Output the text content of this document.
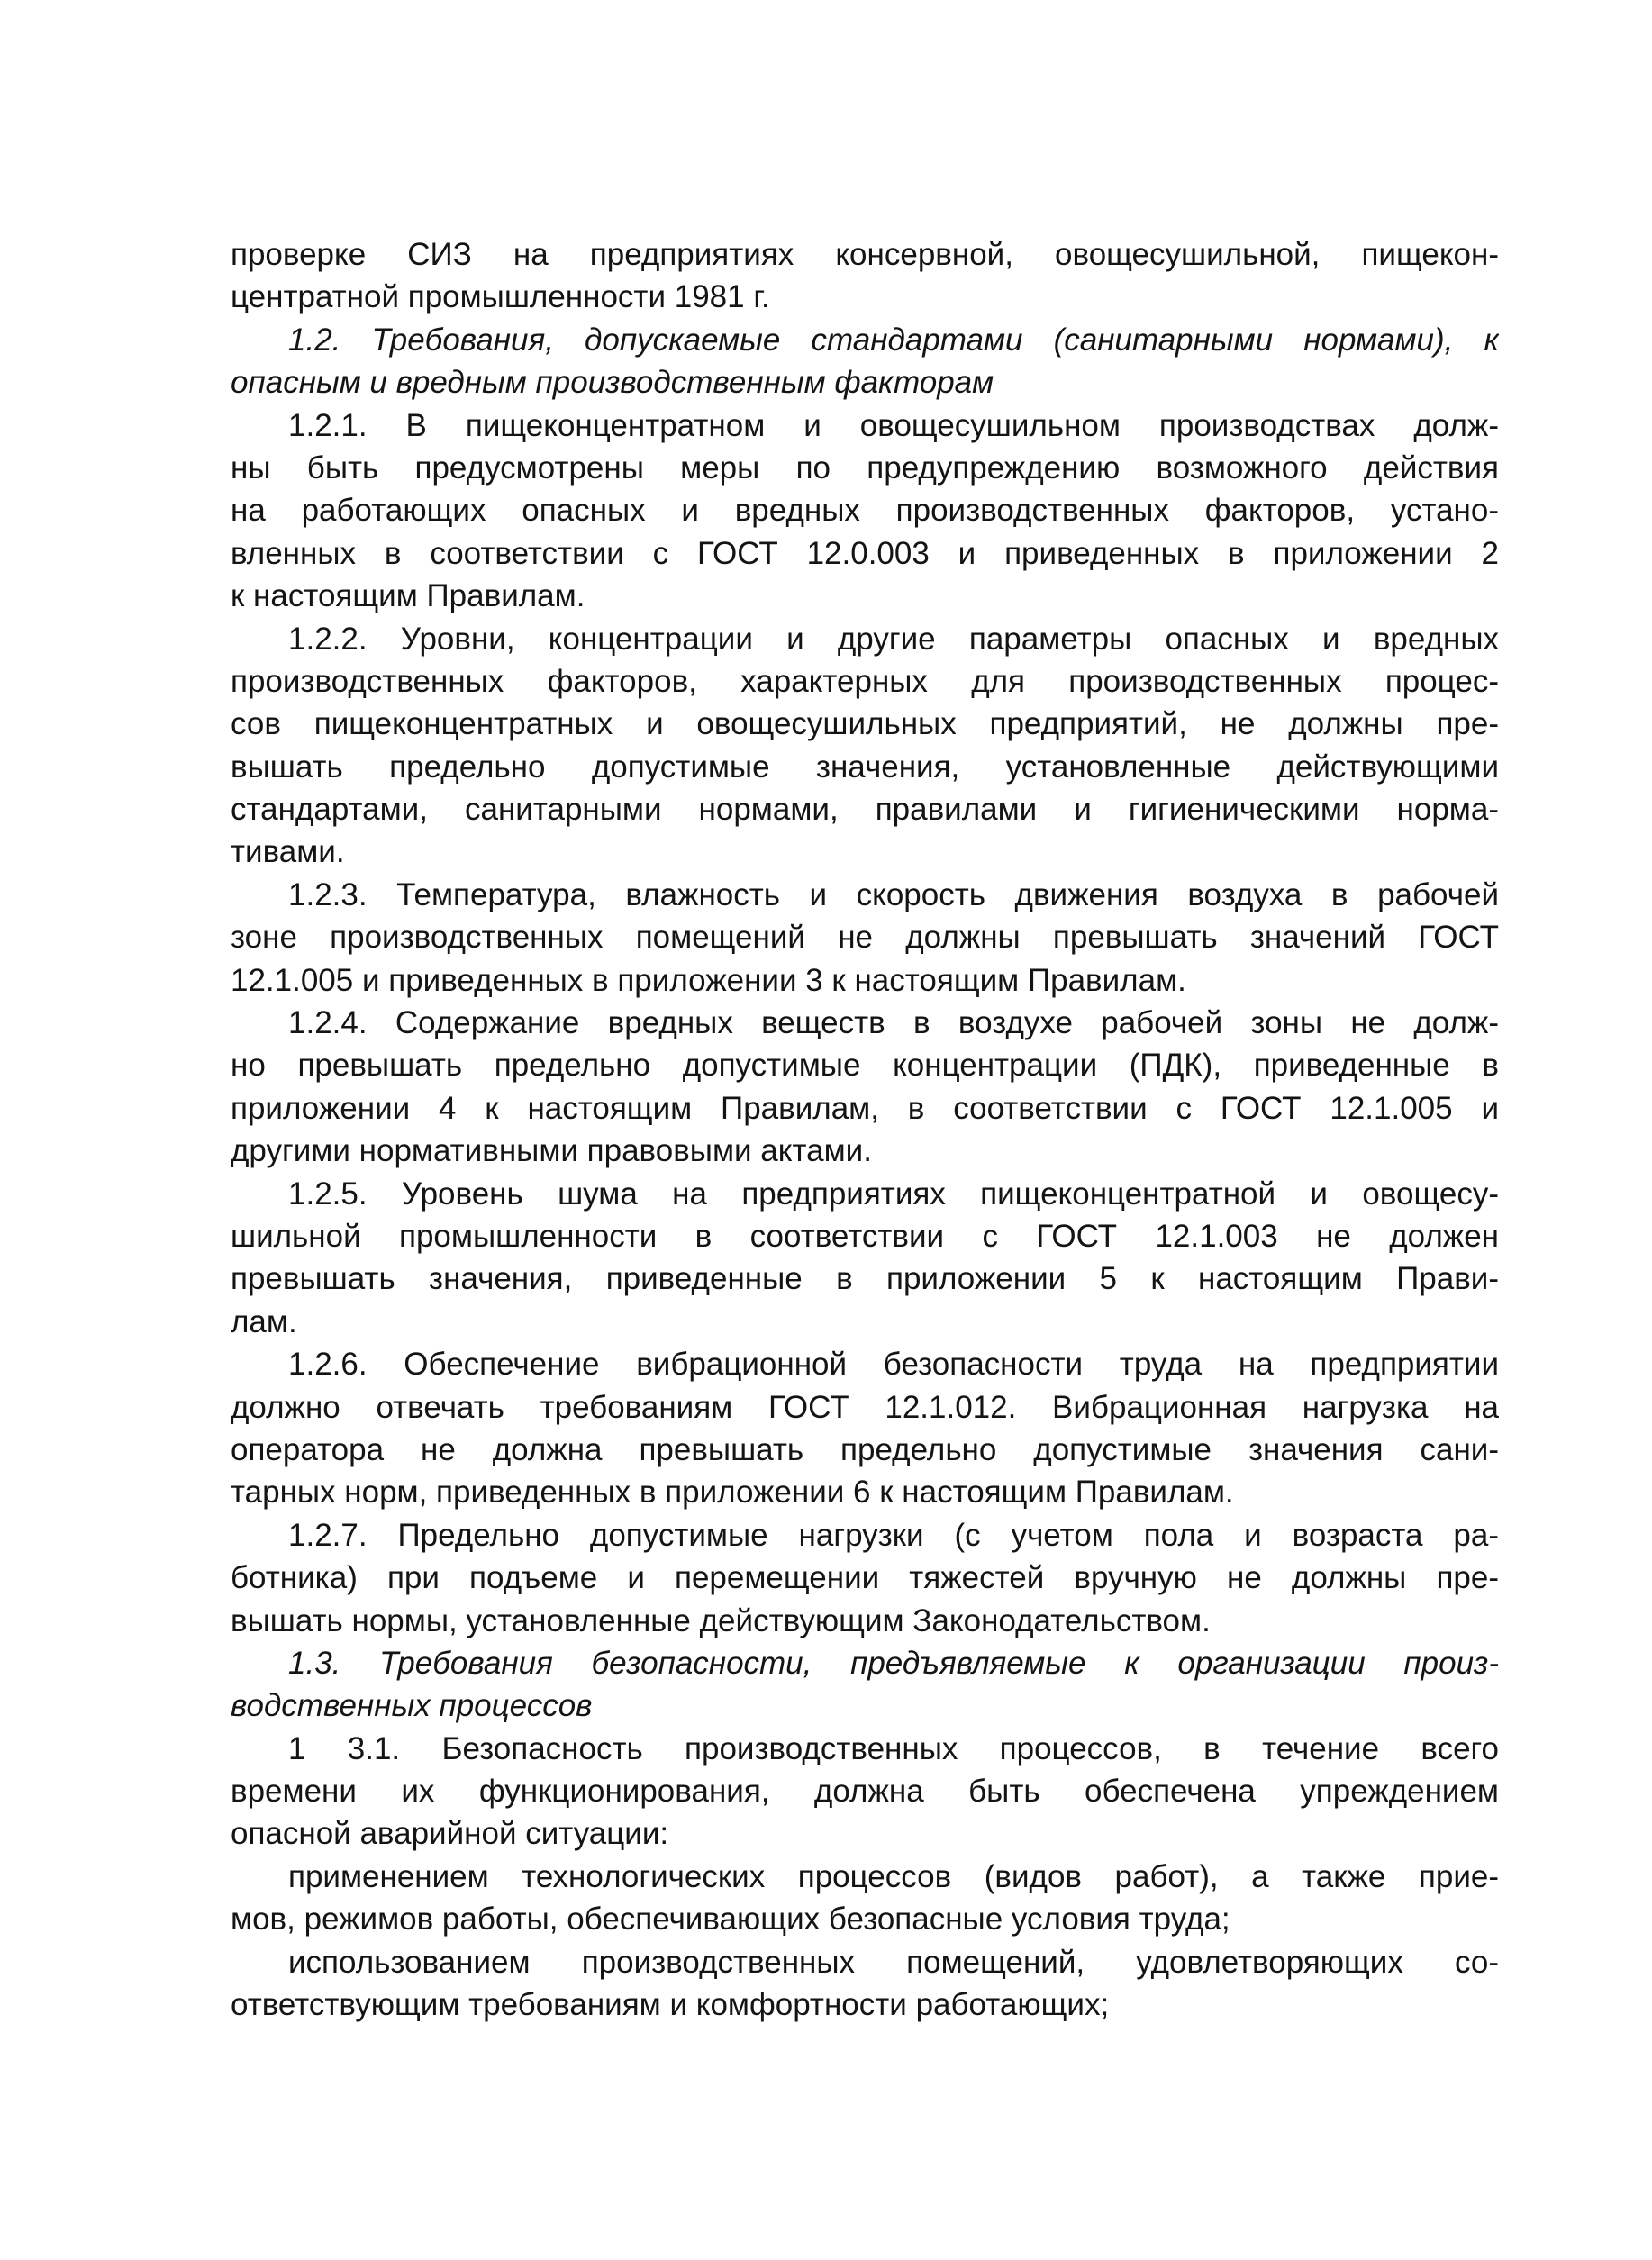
проверке СИЗ на предприятиях консервной, овощесушильной, пищекон-
центратной промышленности 1981 г.
1.2. Требования, допускаемые стандартами (санитарными нормами), к
опасным и вредным производственным факторам
1.2.1. В пищеконцентратном и овощесушильном производствах долж-
ны быть предусмотрены меры по предупреждению возможного действия
на работающих опасных и вредных производственных факторов, устано-
вленных в соответствии с ГОСТ 12.0.003 и приведенных в приложении 2
к настоящим Правилам.
1.2.2. Уровни, концентрации и другие параметры опасных и вредных
производственных факторов, характерных для производственных процес-
сов пищеконцентратных и овощесушильных предприятий, не должны пре-
вышать предельно допустимые значения, установленные действующими
стандартами, санитарными нормами, правилами и гигиеническими норма-
тивами.
1.2.3. Температура, влажность и скорость движения воздуха в рабочей
зоне производственных помещений не должны превышать значений ГОСТ
12.1.005 и приведенных в приложении 3 к настоящим Правилам.
1.2.4. Содержание вредных веществ в воздухе рабочей зоны не долж-
но превышать предельно допустимые концентрации (ПДК), приведенные в
приложении 4 к настоящим Правилам, в соответствии с ГОСТ 12.1.005 и
другими нормативными правовыми актами.
1.2.5. Уровень шума на предприятиях пищеконцентратной и овощесу-
шильной промышленности в соответствии с ГОСТ 12.1.003 не должен
превышать значения, приведенные в приложении 5 к настоящим Прави-
лам.
1.2.6. Обеспечение вибрационной безопасности труда на предприятии
должно отвечать требованиям ГОСТ 12.1.012. Вибрационная нагрузка на
оператора не должна превышать предельно допустимые значения сани-
тарных норм, приведенных в приложении 6 к настоящим Правилам.
1.2.7. Предельно допустимые нагрузки (с учетом пола и возраста ра-
ботника) при подъеме и перемещении тяжестей вручную не должны пре-
вышать нормы, установленные действующим Законодательством.
1.3. Требования безопасности, предъявляемые к организации произ-
водственных процессов
1 3.1. Безопасность производственных процессов, в течение всего
времени их функционирования, должна быть обеспечена упреждением
опасной аварийной ситуации:
применением технологических процессов (видов работ), а также прие-
мов, режимов работы, обеспечивающих безопасные условия труда;
использованием производственных помещений, удовлетворяющих со-
ответствующим требованиям и комфортности работающих;
